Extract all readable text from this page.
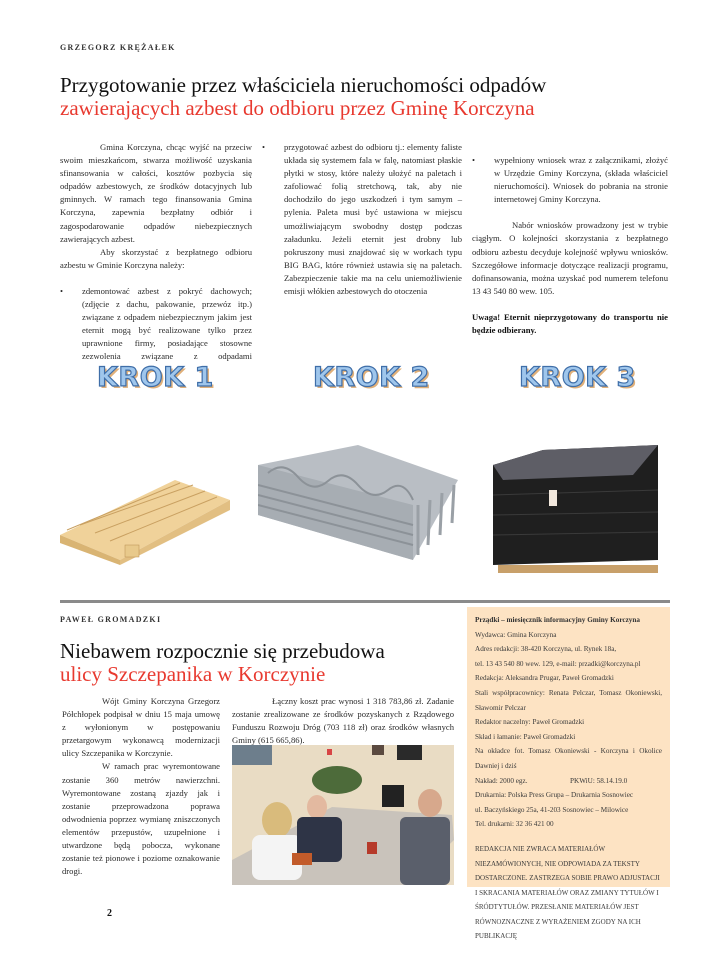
GRZEGORZ KRĘŻAŁEK
Przygotowanie przez właściciela nieruchomości odpadów
zawierających azbest do odbioru przez Gminę Korczyna

Gmina Korczyna, chcąc wyjść na przeciw swoim mieszkańcom, stwarza możliwość uzyskania sfinansowania w całości, kosztów pozbycia się odpadów azbestowych, ze środków dotacyjnych lub gminnych. W ramach tego finansowania Gmina Korczyna, zapewnia bezpłatny odbiór i zagospodarowanie odpadów niebezpiecznych zawierających azbest.

Aby skorzystać z bezpłatnego odbioru azbestu w Gminie Korczyna należy:

• zdemontować azbest z pokryć dachowych; (zdjęcie z dachu, pakowanie, przewóz itp.) związane z odpadem niebezpiecznym jakim jest eternit mogą być realizowane tylko przez uprawnione firmy, posiadające stosowne zezwolenia związane z odpadami

• przygotować azbest do odbioru tj.: elementy faliste układa się systemem fala w falę, natomiast płaskie płytki w stosy, które należy ułożyć na paletach i zafoliować folią stretchową, tak, aby nie dochodziło do jego uszkodzeń i tym samym – pylenia. Paleta musi być ustawiona w miejscu umożliwiającym swobodny dostęp podczas załadunku. Jeżeli eternit jest drobny lub pokruszony musi znajdować się w workach typu BIG BAG, które również ustawia się na paletach. Zabezpieczenie takie ma na celu uniemożliwienie emisji włókien azbestowych do otoczenia

• wypełniony wniosek wraz z załącznikami, złożyć w Urzędzie Gminy Korczyna, (składa właściciel nieruchomości). Wniosek do pobrania na stronie internetowej Gminy Korczyna.

Nabór wniosków prowadzony jest w trybie ciągłym. O kolejności skorzystania z bezpłatnego odbioru azbestu decyduje kolejność wpływu wniosków. Szczegółowe informacje dotyczące realizacji programu, dofinansowania, można uzyskać pod numerem telefonu 13 43 540 80 wew. 105.

Uwaga! Eternit nieprzygotowany do transportu nie będzie odbierany.

KROK 1	KROK 2	KROK 3
PAWEŁ GROMADZKI
Niebawem rozpocznie się przebudowa
ulicy Szczepanika w Korczynie

Wójt Gminy Korczyna Grzegorz Półchłopek podpisał w dniu 15 maja umowę z wyłonionym w postępowaniu przetargowym wykonawcą modernizacji ulicy Szczepanika w Korczynie.

W ramach prac wyremontowane zostanie 360 metrów nawierzchni. Wyremontowane zostaną zjazdy jak i zostanie przeprowadzona poprawa odwodnienia poprzez wymianę zniszczonych elementów przepustów, uzupełnione i utwardzone będą pobocza, wykonane zostanie też pionowe i poziome oznakowanie drogi.

Łączny koszt prac wynosi 1 318 783,86 zł. Zadanie zostanie zrealizowane ze środków pozyskanych z Rządowego Funduszu Rozwoju Dróg (703 118 zł) oraz środków własnych Gminy (615 665,86).

Prządki – miesięcznik informacyjny Gminy Korczyna

Wydawca: Gmina Korczyna

Adres redakcji: 38-420 Korczyna, ul. Rynek 18a,

tel. 13 43 540 80 wew. 129, e-mail: przadki@korczyna.pl

Redakcja: Aleksandra Prugar, Paweł Gromadzki

Stali współpracownicy: Renata Pelczar, Tomasz Okoniewski, Sławomir Pelczar

Redaktor naczelny: Paweł Gromadzki

Skład i łamanie: Paweł Gromadzki

Na okładce fot. Tomasz Okoniewski - Korczyna i Okolice Dawniej i dziś

Nakład: 2000 egz.	PKWiU: 58.14.19.0

Drukarnia: Polska Press Grupa – Drukarnia Sosnowiec

ul. Baczyńskiego 25a, 41-203 Sosnowiec – Milowice

Tel. drukarni: 32 36 421 00

REDAKCJA NIE ZWRACA MATERIAŁÓW NIEZAMÓWIONYCH, NIE ODPOWIADA ZA TEKSTY DOSTARCZONE. ZASTRZEGA SOBIE PRAWO ADJUSTACJI I SKRACANIA MATERIAŁÓW ORAZ ZMIANY TYTUŁÓW I ŚRÓDTYTUŁÓW. PRZESŁANIE MATERIAŁÓW JEST RÓWNOZNACZNE Z WYRAŻENIEM ZGODY NA ICH PUBLIKACJĘ

2
